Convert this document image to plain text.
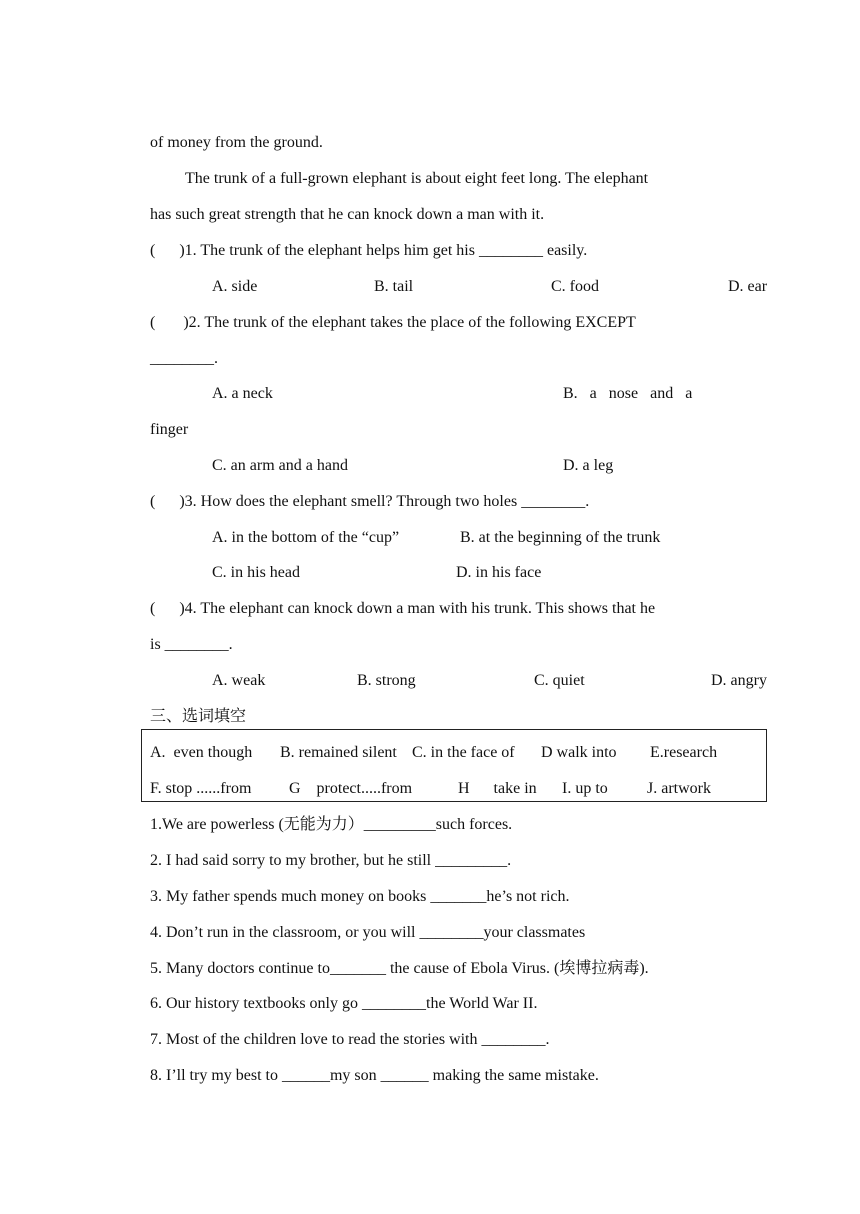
of money from the ground.
The trunk of a full-grown elephant is about eight feet long. The elephant
has such great strength that he can knock down a man with it.
(      )1. The trunk of the elephant helps him get his ________ easily.
A. side	B. tail	C. food	D. ear
(       )2. The trunk of the elephant takes the place of the following EXCEPT
________.
A. a neck	B.   a   nose   and   a
finger
C. an arm and a hand	D. a leg
(      )3. How does the elephant smell? Through two holes ________.
A. in the bottom of the “cup”	B. at the beginning of the trunk
C. in his head	D. in his face
(      )4. The elephant can knock down a man with his trunk. This shows that he
is ________.
A. weak	B. strong	C. quiet	D. angry
三、选词填空
A.  even though B. remained silent C. in the face of D walk into E.research
F. stop ......from G    protect.....from	H      take in I. up to J. artwork
1.We are powerless (无能为力）_________such forces.
2. I had said sorry to my brother, but he still _________.
3. My father spends much money on books _______he’s not rich.
4. Don’t run in the classroom, or you will ________your classmates
5. Many doctors continue to_______ the cause of Ebola Virus. (埃博拉病毒).
6. Our history textbooks only go ________the World War II.
7. Most of the children love to read the stories with ________.
8. I’ll try my best to ______my son ______ making the same mistake.
